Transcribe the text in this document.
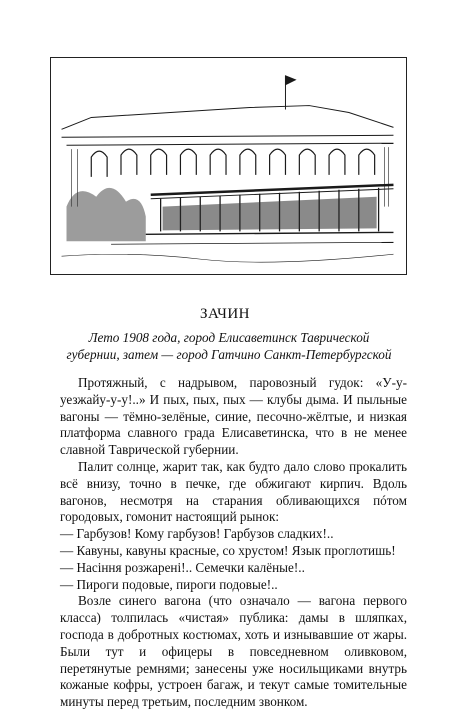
ЗАЧИН
Лето 1908 года, город Елисаветинск Таврической губернии, затем — город Гатчино Санкт-Петербургской

Протяжный, с надрывом, паровозный гудок: «У-у-уезжайу-у-у!..» И пых, пых, пых — клубы дыма. И пыльные вагоны — тёмно-зелёные, синие, песочно-жёлтые, и низкая платформа славного града Елисаветинска, что в не менее славной Таврической губернии.

Палит солнце, жарит так, как будто дало слово прокалить всё внизу, точно в печке, где обжигают кирпич. Вдоль вагонов, несмотря на старания обливающихся пóтом городовых, гомонит настоящий рынок:

— Гарбузов! Кому гарбузов! Гарбузов сладких!..

— Кавуны, кавуны красные, со хрустом! Язык проглотишь!

— Насіння розжарені!.. Семечки калёные!..

— Пироги подовые, пироги подовые!..

Возле синего вагона (что означало — вагона первого класса) толпилась «чистая» публика: дамы в шляпках, господа в добротных костюмах, хоть и изнывавшие от жары. Были тут и офицеры в повседневном оливковом, перетянутые ремнями; занесены уже носильщиками внутрь кожаные кофры, устроен багаж, и текут самые томительные минуты перед третьим, последним звонком.
